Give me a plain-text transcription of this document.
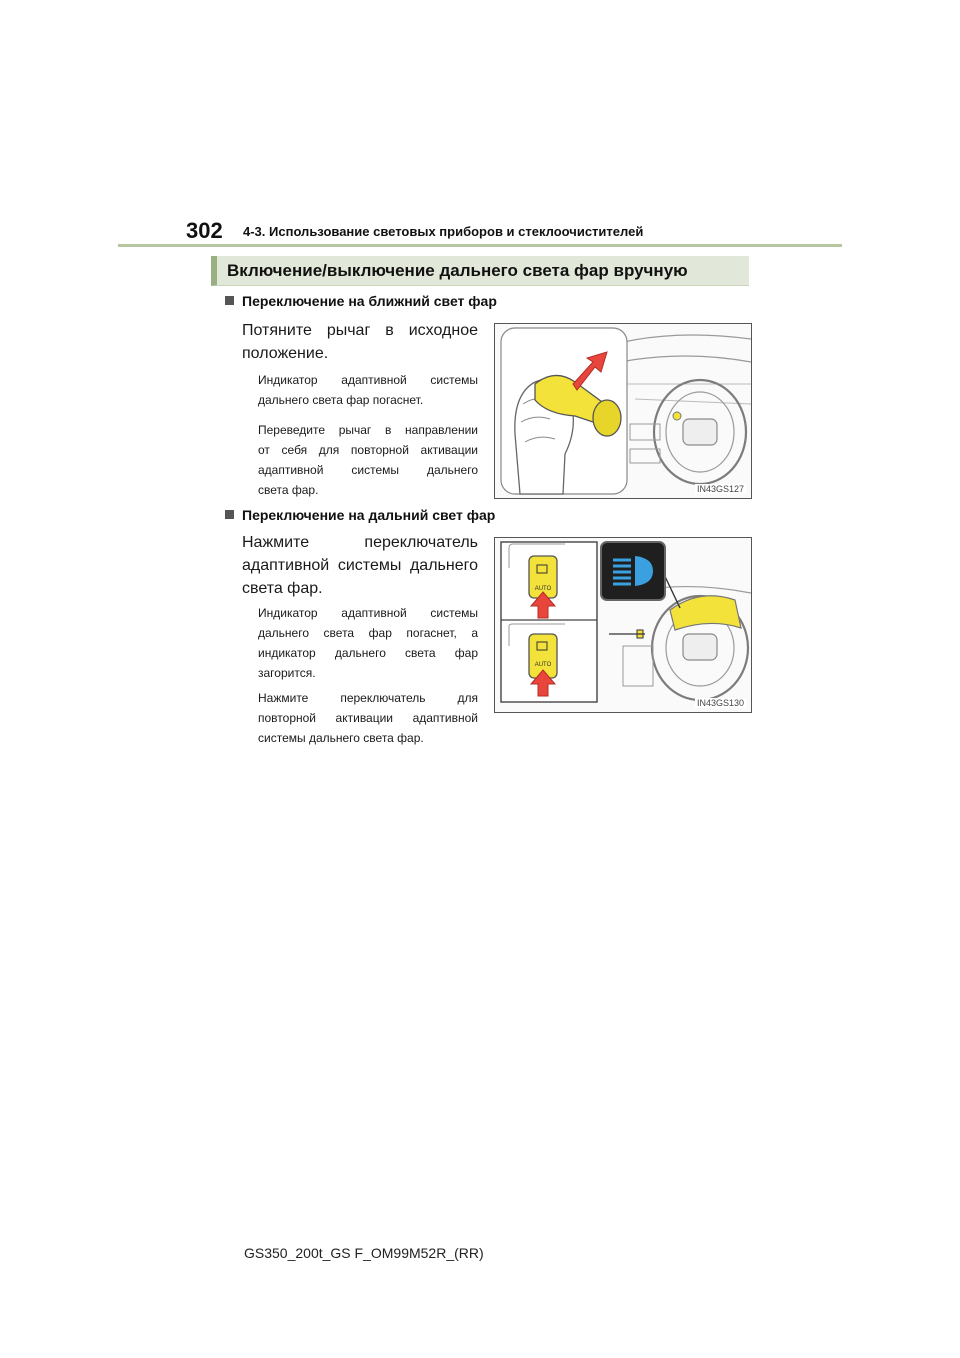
302 4-3. Использование световых приборов и стеклоочистителей
Включение/выключение дальнего света фар вручную
Переключение на ближний свет фар
Потяните рычаг в исходное
положение.
Индикатор адаптивной системы
дальнего света фар погаснет.
Переведите рычаг в направлении
от себя для повторной активации
адаптивной системы дальнего
света фар.	IN43GS127
Переключение на дальний свет фар
Нажмите переключатель
адаптивной системы дальнего
света фар.
Индикатор адаптивной системы
дальнего света фар погаснет, а
индикатор дальнего света фар
загорится.
Нажмите переключатель для
повторной активации адаптивной
системы дальнего света фар.
AUTO
AUTO
IN43GS130
GS350_200t_GS F_OM99M52R_(RR)
